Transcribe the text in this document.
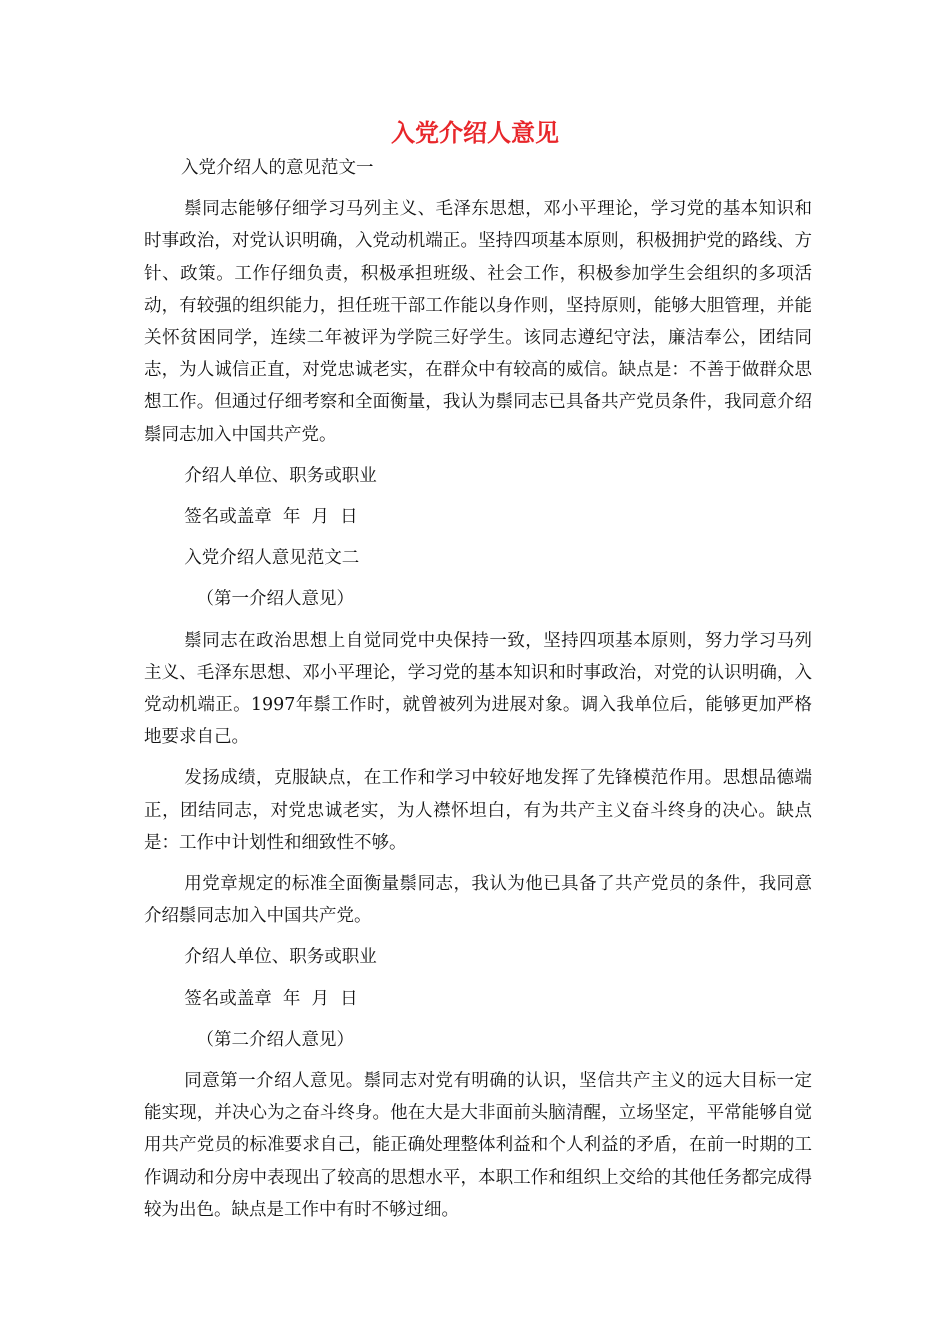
入党介绍人意见

入党介绍人的意见范文一

鬃同志能够仔细学习马列主义、毛泽东思想，邓小平理论，学习党的基本知识和时事政治，对党认识明确，入党动机端正。坚持四项基本原则，积极拥护党的路线、方针、政策。工作仔细负责，积极承担班级、社会工作，积极参加学生会组织的多项活动，有较强的组织能力，担任班干部工作能以身作则，坚持原则，能够大胆管理，并能关怀贫困同学，连续二年被评为学院三好学生。该同志遵纪守法，廉洁奉公，团结同志，为人诚信正直，对党忠诚老实，在群众中有较高的威信。缺点是：不善于做群众思想工作。但通过仔细考察和全面衡量，我认为鬃同志已具备共产党员条件，我同意介绍鬃同志加入中国共产党。

介绍人单位、职务或职业

签名或盖章  年  月  日

入党介绍人意见范文二

（第一介绍人意见）

鬃同志在政治思想上自觉同党中央保持一致，坚持四项基本原则，努力学习马列主义、毛泽东思想、邓小平理论，学习党的基本知识和时事政治，对党的认识明确，入党动机端正。1997年鬃工作时，就曾被列为进展对象。调入我单位后，能够更加严格地要求自己。

发扬成绩，克服缺点，在工作和学习中较好地发挥了先锋模范作用。思想品德端正，团结同志，对党忠诚老实，为人襟怀坦白，有为共产主义奋斗终身的决心。缺点是：工作中计划性和细致性不够。

用党章规定的标准全面衡量鬃同志，我认为他已具备了共产党员的条件，我同意介绍鬃同志加入中国共产党。

介绍人单位、职务或职业

签名或盖章  年  月  日

（第二介绍人意见）

同意第一介绍人意见。鬃同志对党有明确的认识，坚信共产主义的远大目标一定能实现，并决心为之奋斗终身。他在大是大非面前头脑清醒，立场坚定，平常能够自觉用共产党员的标准要求自己，能正确处理整体利益和个人利益的矛盾，在前一时期的工作调动和分房中表现出了较高的思想水平，本职工作和组织上交给的其他任务都完成得较为出色。缺点是工作中有时不够过细。
